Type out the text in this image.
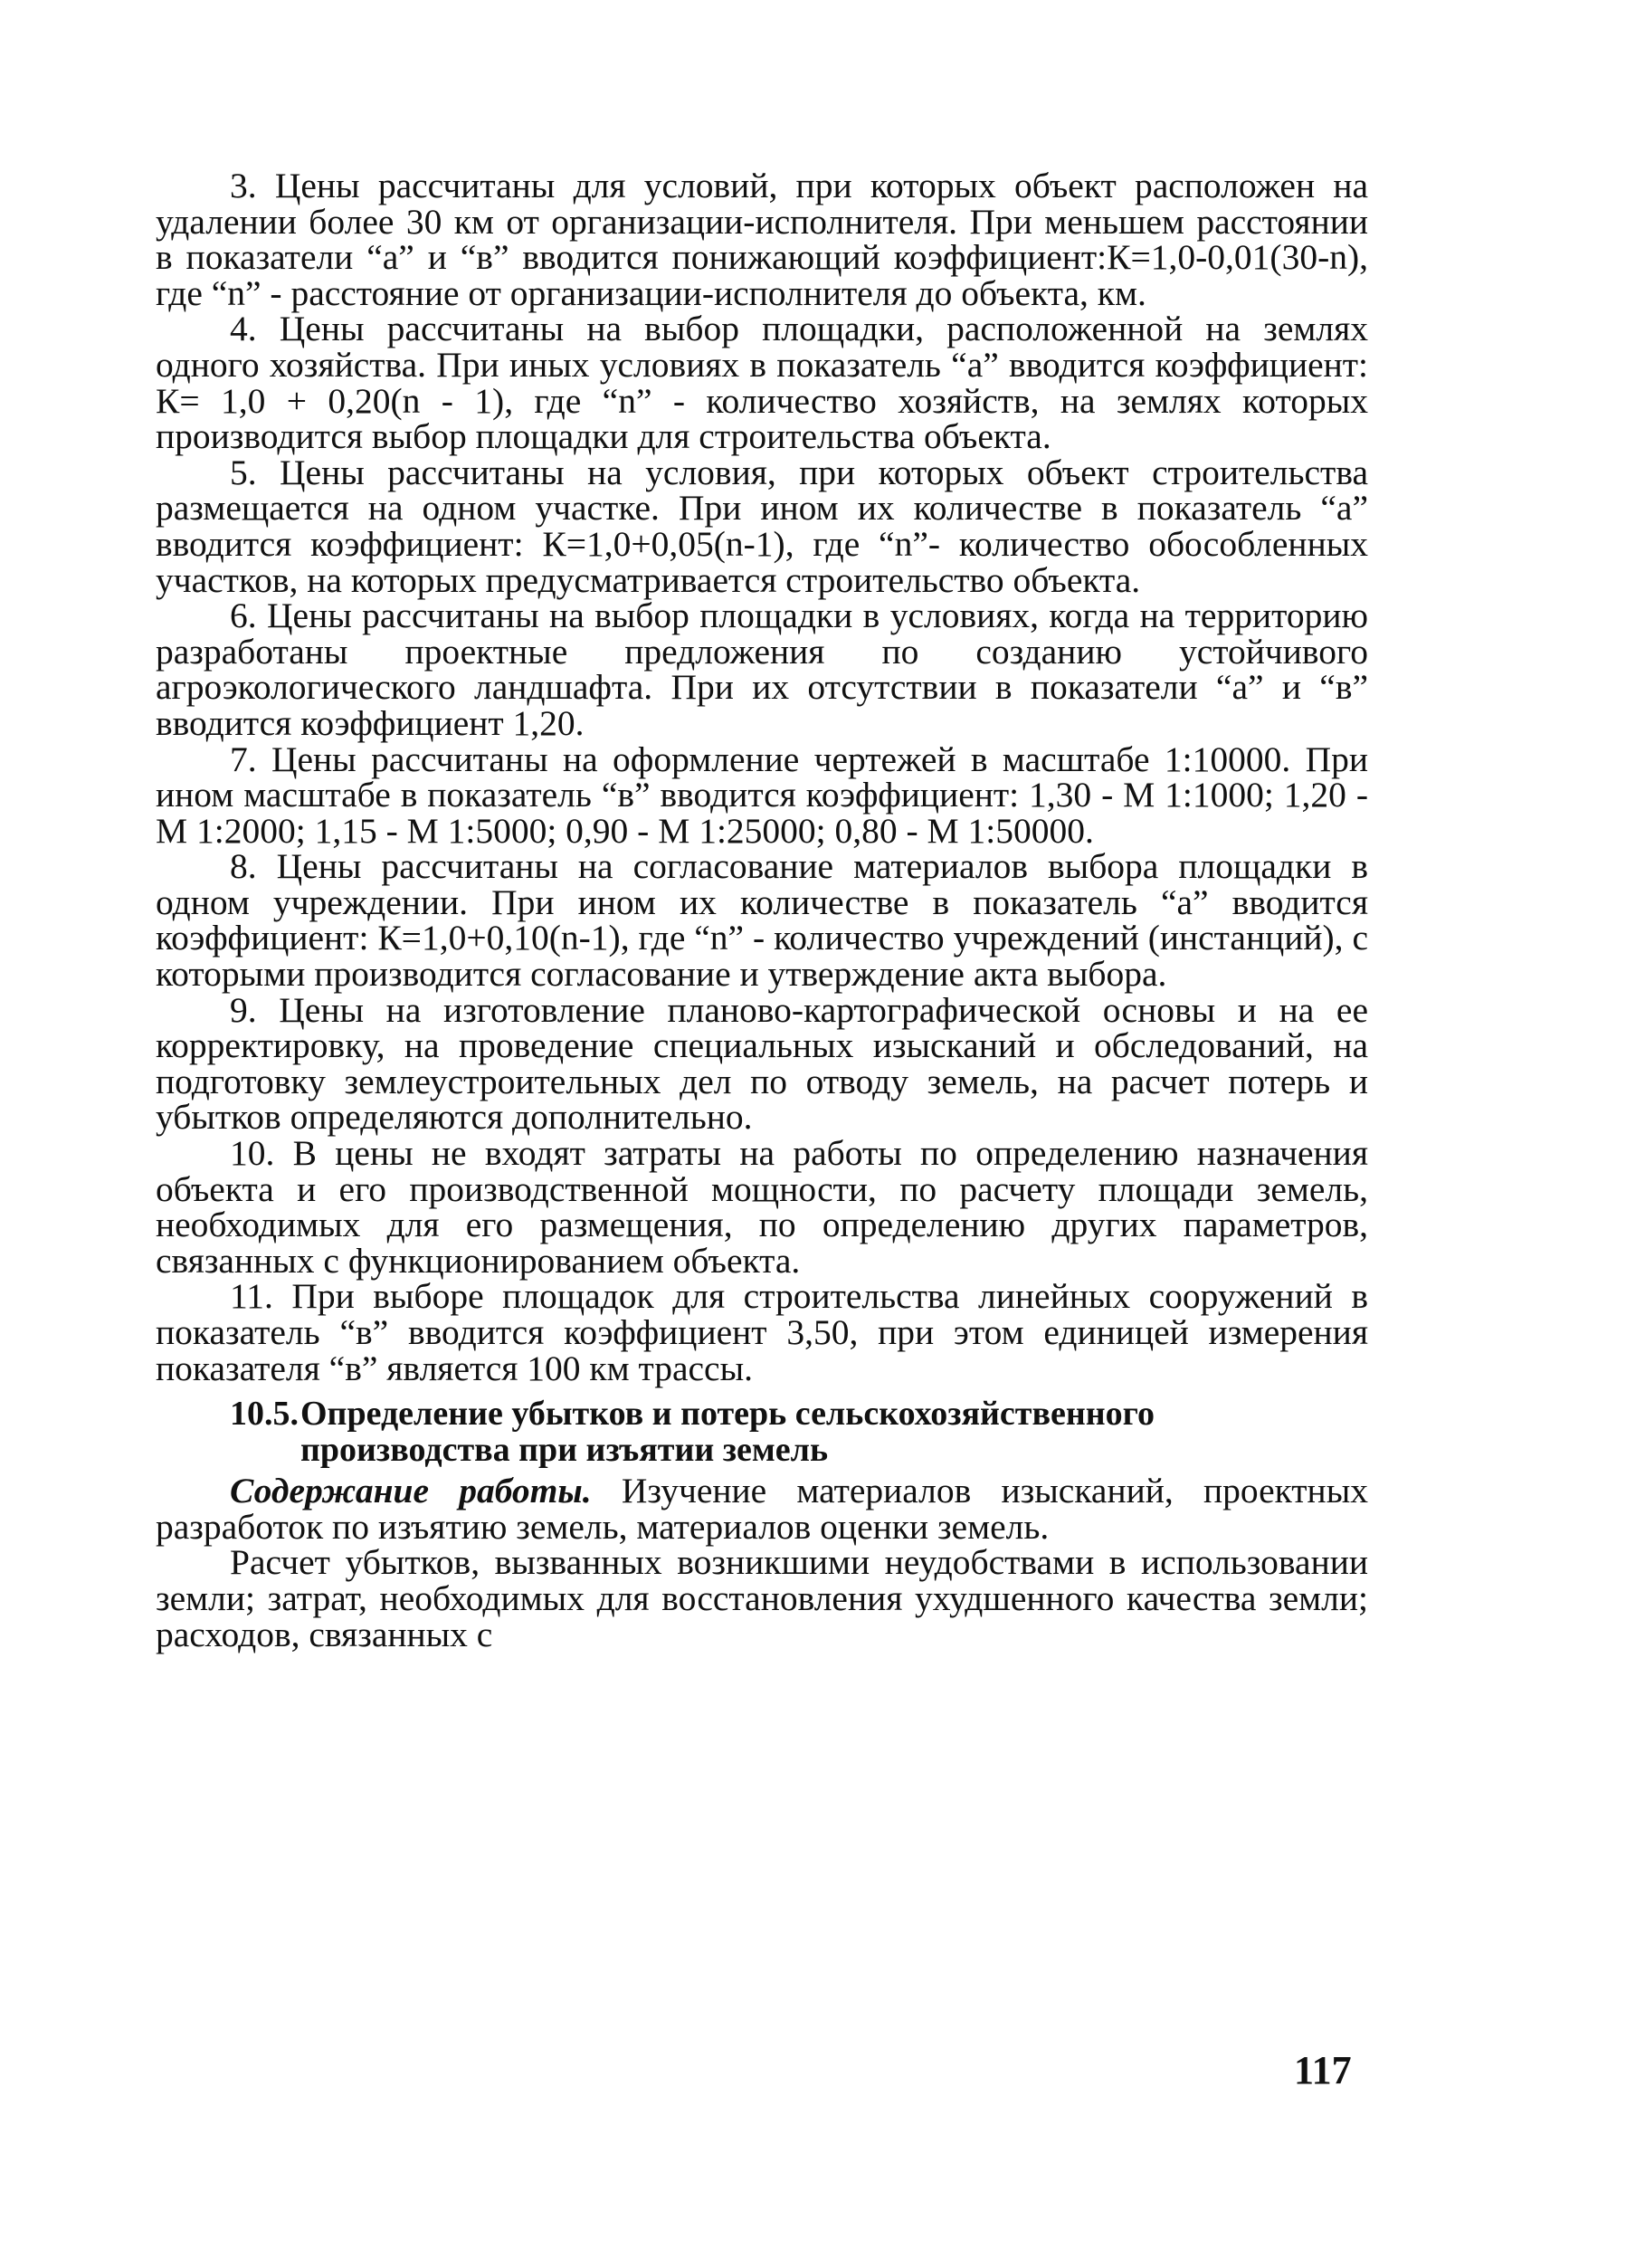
3. Цены рассчитаны для условий, при которых объект расположен на удалении более 30 км от организации-исполнителя. При меньшем расстоянии в показатели “а” и “в” вводится понижающий коэффициент:К=1,0-0,01(30-n), где “n” - расстояние от организации-исполнителя до объекта, км.

4. Цены рассчитаны на выбор площадки, расположенной на землях одного хозяйства. При иных условиях в показатель “а” вводится коэффициент: К= 1,0 + 0,20(n - 1), где “n” - количество хозяйств, на землях которых производится выбор площадки для строительства объекта.

5. Цены рассчитаны на условия, при которых объект строительства размещается на одном участке. При ином их количестве в показатель “а” вводится коэффициент: К=1,0+0,05(n-1), где “n”- количество обособленных участков, на которых предусматривается строительство объекта.

6. Цены рассчитаны на выбор площадки в условиях, когда на территорию разработаны проектные предложения по созданию устойчивого агроэкологического ландшафта. При их отсутствии в показатели “а” и “в” вводится коэффициент 1,20.

7. Цены рассчитаны на оформление чертежей в масштабе 1:10000. При ином масштабе в показатель “в” вводится коэффициент: 1,30 - М 1:1000; 1,20 - М 1:2000; 1,15 - М 1:5000; 0,90 - М 1:25000; 0,80 - М 1:50000.

8. Цены рассчитаны на согласование материалов выбора площадки в одном учреждении. При ином их количестве в показатель “а” вводится коэффициент: К=1,0+0,10(n-1), где “n” - количество учреждений (инстанций), с которыми производится согласование и утверждение акта выбора.

9. Цены на изготовление планово-картографической основы и на ее корректировку, на проведение специальных изысканий и обследований, на подготовку землеустроительных дел по отводу земель, на расчет потерь и убытков определяются дополнительно.

10. В цены не входят затраты на работы по определению назначения объекта и его производственной мощности, по расчету площади земель, необходимых для его размещения, по определению других параметров, связанных с функционированием объекта.

11. При выборе площадок для строительства линейных сооружений в показатель “в” вводится коэффициент 3,50, при этом единицей измерения показателя “в” является 100 км трассы.

10.5. Определение убытков и потерь сельскохозяйственного производства при изъятии земель

Содержание работы. Изучение материалов изысканий, проектных разработок по изъятию земель, материалов оценки земель.

Расчет убытков, вызванных возникшими неудобствами в использовании земли; затрат, необходимых для восстановления ухудшенного качества земли; расходов, связанных с

117
